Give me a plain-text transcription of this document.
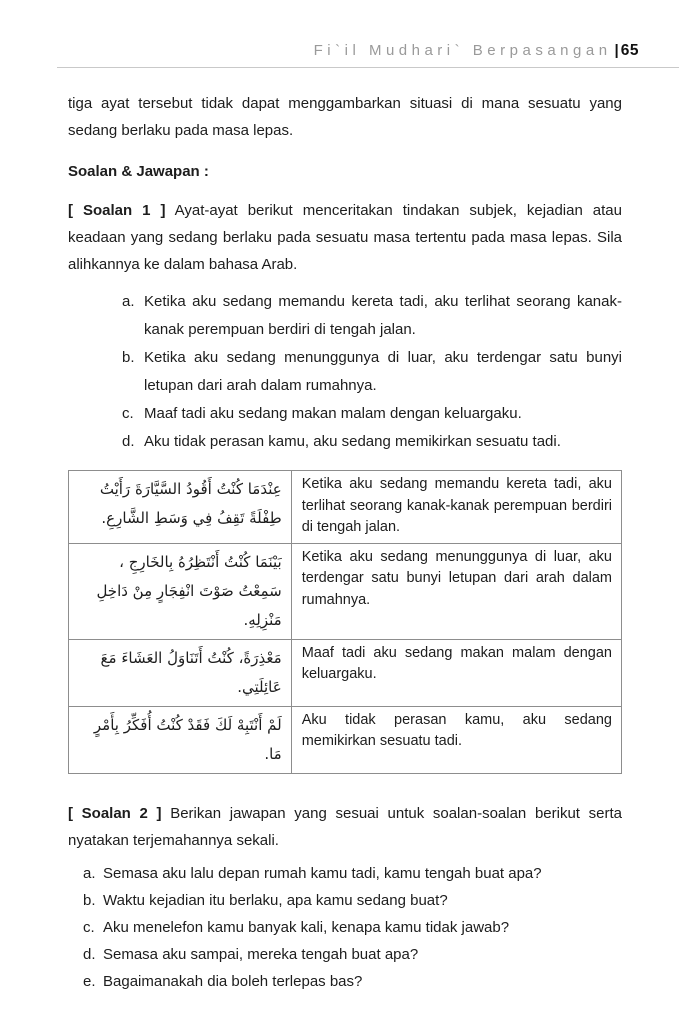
Fi`il Mudhari` Berpasangan | 65

tiga ayat tersebut tidak dapat menggambarkan situasi di mana sesuatu yang sedang berlaku pada masa lepas.

Soalan & Jawapan :

[ Soalan 1 ] Ayat-ayat berikut menceritakan tindakan subjek, kejadian atau keadaan yang sedang berlaku pada sesuatu masa tertentu pada masa lepas. Sila alihkannya ke dalam bahasa Arab.

a. Ketika aku sedang memandu kereta tadi, aku terlihat seorang kanak-kanak perempuan berdiri di tengah jalan.
b. Ketika aku sedang menunggunya di luar, aku terdengar satu bunyi letupan dari arah dalam rumahnya.
c. Maaf tadi aku sedang makan malam dengan keluargaku.
d. Aku tidak perasan kamu, aku sedang memikirkan sesuatu tadi.
عِنْدَمَا كُنْتُ أَقُودُ السَّيَّارَةَ رَأَيْتُ طِفْلَةً تَقِفُ فِي وَسَطِ الشَّارِعِ.	Ketika aku sedang memandu kereta tadi, aku terlihat seorang kanak-kanak perempuan berdiri di tengah jalan.
بَيْنَمَا كُنْتُ أَنْتَظِرُهُ بِالخَارِجِ ، سَمِعْتُ صَوْتَ انْفِجَارٍ مِنْ دَاخِلِ مَنْزِلِهِ.	Ketika aku sedang menunggunya di luar, aku terdengar satu bunyi letupan dari arah dalam rumahnya.
مَعْذِرَةً، كُنْتُ أَتَنَاوَلُ العَشَاءَ مَعَ عَائِلَتِي.	Maaf tadi aku sedang makan malam dengan keluargaku.
لَمْ أَنْتَبِهْ لَكَ فَقَدْ كُنْتُ أُفَكِّرُ بِأَمْرٍ مَا.	Aku tidak perasan kamu, aku sedang memikirkan sesuatu tadi.

[ Soalan 2 ] Berikan jawapan yang sesuai untuk soalan-soalan berikut serta nyatakan terjemahannya sekali.

a. Semasa aku lalu depan rumah kamu tadi, kamu tengah buat apa?
b. Waktu kejadian itu berlaku, apa kamu sedang buat?
c. Aku menelefon kamu banyak kali, kenapa kamu tidak jawab?
d. Semasa aku sampai, mereka tengah buat apa?
e. Bagaimanakah dia boleh terlepas bas?
